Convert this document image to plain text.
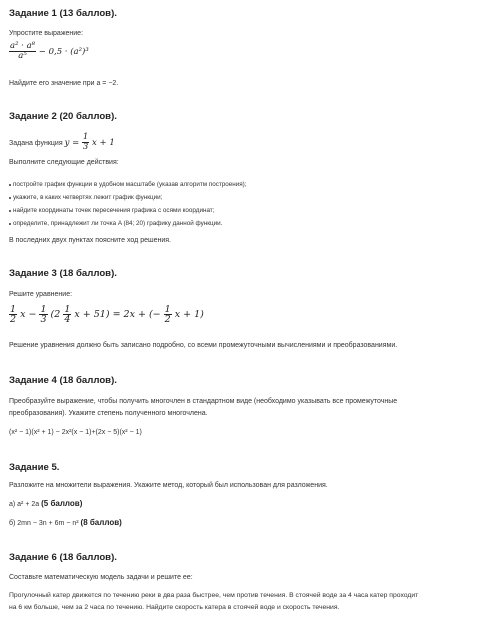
Задание 1 (13 баллов).
Упростите выражение:
$\frac{\text{a² · a⁸}}{\text{a⁵}} - 0,5 \cdot (a^2)^3$
Найдите его значение при a = −2.
Задание 2 (20 баллов).
Задана функция $y = \frac{1}{3}$ x + 1
Выполните следующие действия:
постройте график функции в удобном масштабе (указав алгоритм построения);
укажите, в каких четвертях лежит график функции;
найдите координаты точек пересечения графика с осями координат;
определите, принадлежит ли точка A (84; 20) графику данной функции.
В последних двух пунктах поясните ход решения.
Задание 3 (18 баллов).
Решите уравнение:
$\frac{1}{2}$ $x - \frac{1}{3} (2 \frac{1}{4}$ x + 51) = 2x + (− $\frac{1}{2}$ x + 1)
Решение уравнения должно быть записано подробно, со всеми промежуточными вычислениями и преобразованиями.
Задание 4 (18 баллов).
Преобразуйте выражение, чтобы получить многочлен в стандартном виде (необходимо указывать все промежуточные
преобразования). Укажите степень полученного многочлена.
(x² − 1)(x² + 1) − 2x²(x − 1)+(2x − 5)(x² − 1)
Задание 5.
Разложите на множители выражения. Укажите метод, который был использован для разложения.
а) a² + 2a (5 баллов)
б) 2mn − 3n + 6m − n² (8 баллов)
Задание 6 (18 баллов).
Составьте математическую модель задачи и решите ее:
Прогулочный катер движется по течению реки в два раза быстрее, чем против течения. В стоячей воде за 4 часа катер проходит
на 6 км больше, чем за 2 часа по течению. Найдите скорость катера в стоячей воде и скорость течения.
